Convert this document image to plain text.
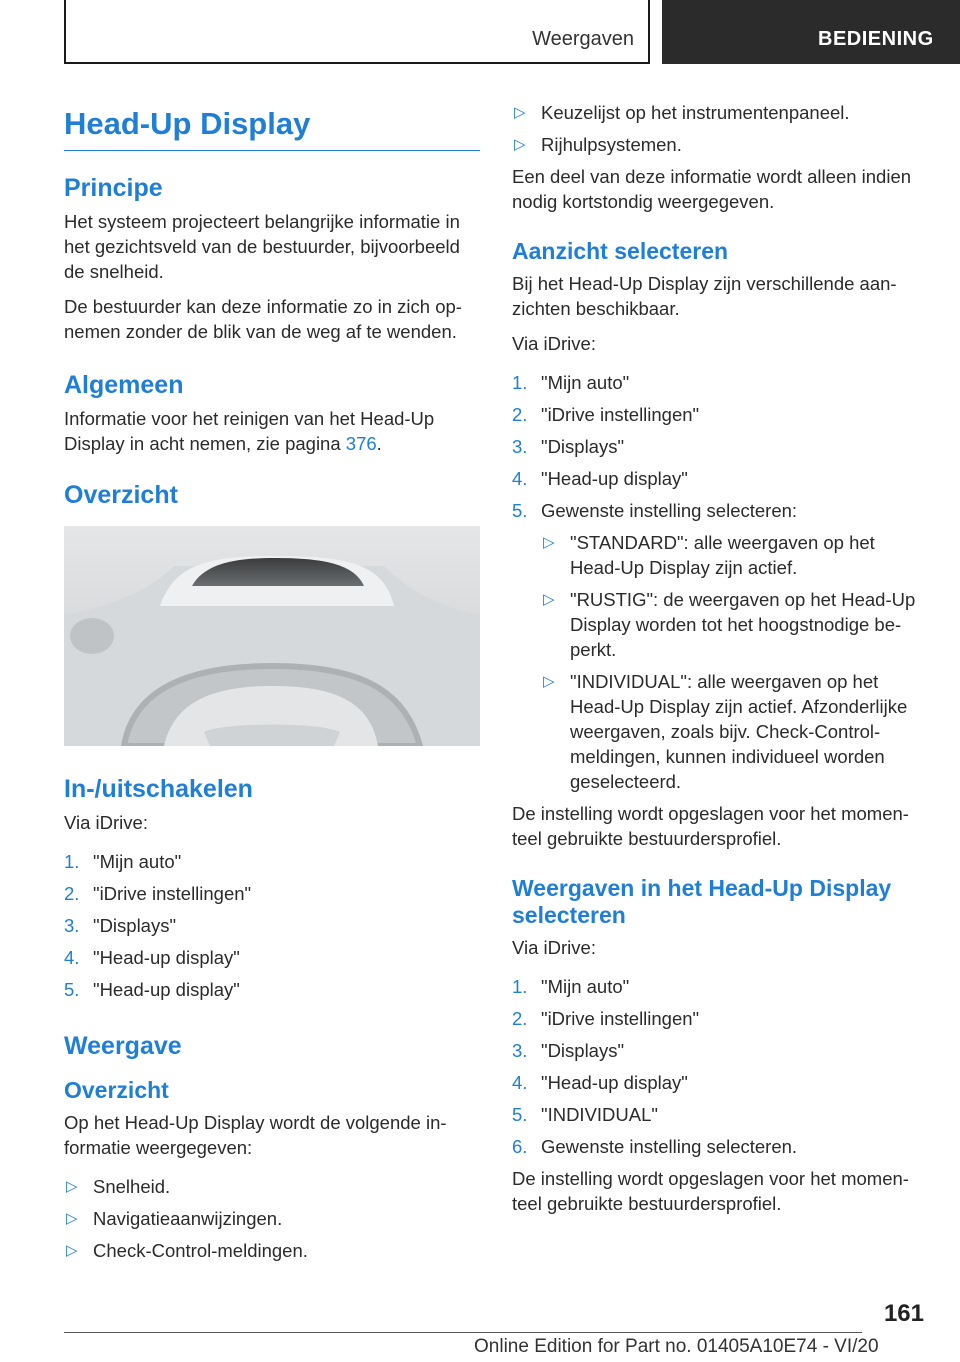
Weergaven	BEDIENING
Head-Up Display
Principe

Het systeem projecteert belangrijke informatie in het gezichtsveld van de bestuurder, bijvoorbeeld de snelheid.

De bestuurder kan deze informatie zo in zich op-nemen zonder de blik van de weg af te wenden.

Algemeen

Informatie voor het reinigen van het Head-Up Display in acht nemen, zie pagina 376.

Overzicht
In-/uitschakelen

Via iDrive:

1. "Mijn auto"
2. "iDrive instellingen"
3. "Displays"
4. "Head-up display"
5. "Head-up display"
Weergave
Overzicht

Op het Head-Up Display wordt de volgende in-formatie weergegeven:

▷ Snelheid.
▷ Navigatieaanwijzingen.
▷ Check-Control-meldingen.
▷ Keuzelijst op het instrumentenpaneel.
▷ Rijhulpsystemen.

Een deel van deze informatie wordt alleen indien nodig kortstondig weergegeven.

Aanzicht selecteren

Bij het Head-Up Display zijn verschillende aan-zichten beschikbaar.

Via iDrive:

1. "Mijn auto"
2. "iDrive instellingen"
3. "Displays"
4. "Head-up display"
5. Gewenste instelling selecteren:
▷ "STANDARD": alle weergaven op het Head-Up Display zijn actief.
▷ "RUSTIG": de weergaven op het Head-Up Display worden tot het hoogstnodige be-perkt.
▷ "INDIVIDUAL": alle weergaven op het Head-Up Display zijn actief. Afzonderlijke weergaven, zoals bijv. Check-Control-meldingen, kunnen individueel worden geselecteerd.

De instelling wordt opgeslagen voor het momen-teel gebruikte bestuurdersprofiel.

Weergaven in het Head-Up Display selecteren

Via iDrive:

1. "Mijn auto"
2. "iDrive instellingen"
3. "Displays"
4. "Head-up display"
5. "INDIVIDUAL"
6. Gewenste instelling selecteren.

De instelling wordt opgeslagen voor het momen-teel gebruikte bestuurdersprofiel.

161
Online Edition for Part no. 01405A10E74 - VI/20
